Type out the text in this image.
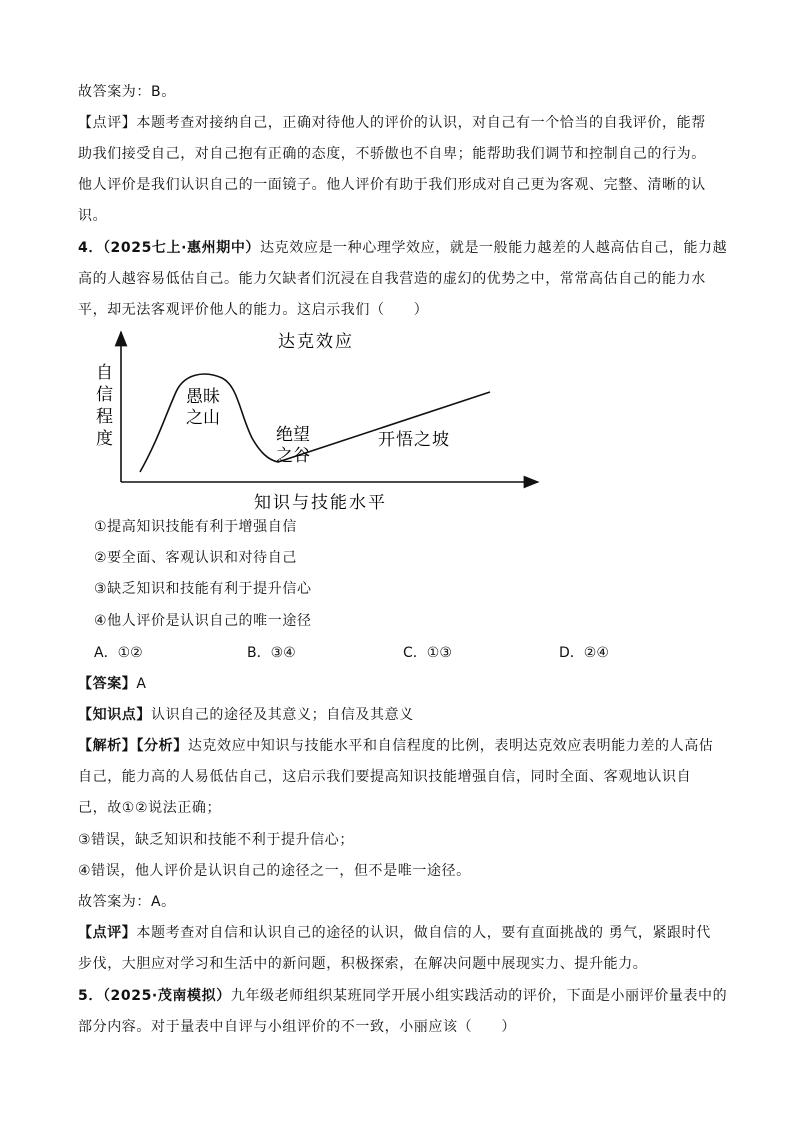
故答案为：B。
【点评】本题考查对接纳自己，正确对待他人的评价的认识，对自己有一个恰当的自我评价，能帮
助我们接受自己，对自己抱有正确的态度，不骄傲也不自卑；能帮助我们调节和控制自己的行为。
他人评价是我们认识自己的一面镜子。他人评价有助于我们形成对自己更为客观、完整、清晰的认
识。
4．（2025七上·惠州期中）达克效应是一种心理学效应，就是一般能力越差的人越高估自己，能力越
高的人越容易低估自己。能力欠缺者们沉浸在自我营造的虚幻的优势之中，常常高估自己的能力水
平，却无法客观评价他人的能力。这启示我们（　　）
达克效应
自
信
程
度
愚昧
之山
绝望
之谷
开悟之坡
知识与技能水平
①提高知识技能有利于增强自信
②要全面、客观认识和对待自己
③缺乏知识和技能有利于提升信心
④他人评价是认识自己的唯一途径
A．①②	B．③④	C．①③	D．②④
【答案】A
【知识点】认识自己的途径及其意义；自信及其意义
【解析】【分析】达克效应中知识与技能水平和自信程度的比例，表明达克效应表明能力差的人高估
自己，能力高的人易低估自己，这启示我们要提高知识技能增强自信，同时全面、客观地认识自
己，故①②说法正确；
③错误，缺乏知识和技能不利于提升信心；
④错误，他人评价是认识自己的途径之一，但不是唯一途径。
故答案为：A。
【点评】本题考查对自信和认识自己的途径的认识，做自信的人，要有直面挑战的 勇气，紧跟时代
步伐，大胆应对学习和生活中的新问题，积极探索，在解决问题中展现实力、提升能力。
5．（2025·茂南模拟）九年级老师组织某班同学开展小组实践活动的评价，下面是小丽评价量表中的
部分内容。对于量表中自评与小组评价的不一致，小丽应该（　　）
